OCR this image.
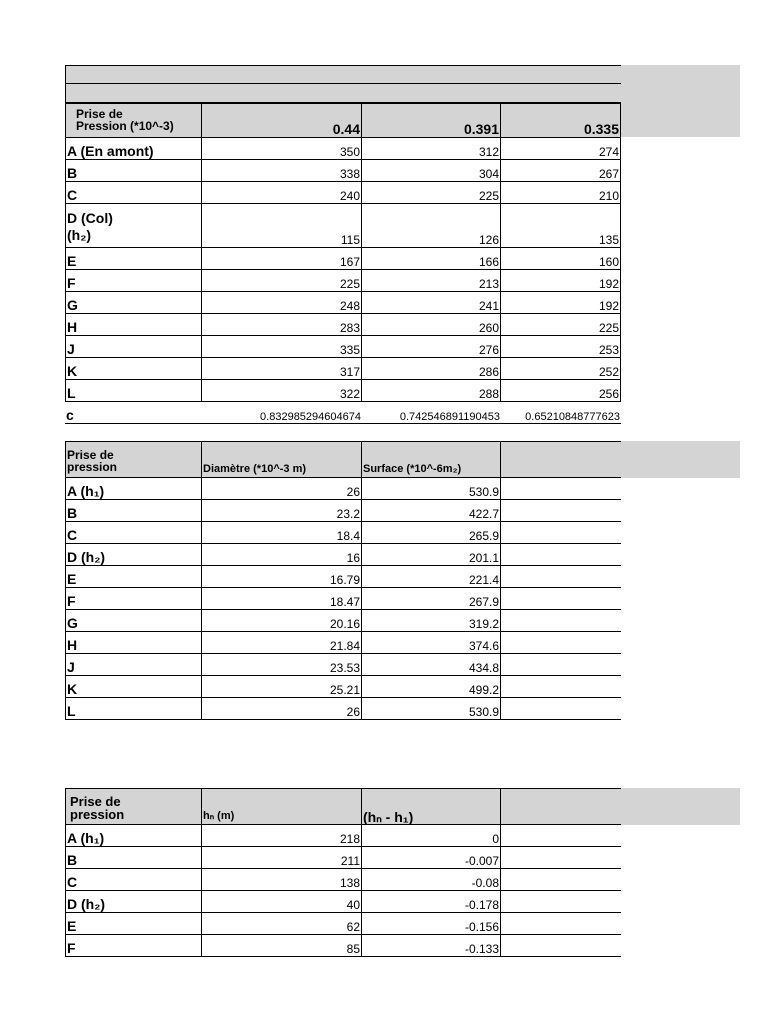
Prise de
Pression (*10^-3)	0.44	0.391	0.335
A (En amont)	350	312	274
B	338	304	267
C	240	225	210
D (Col)
(h₂)	115	126	135
E	167	166	160
F	225	213	192
G	248	241	192
H	283	260	225
J	335	276	253
K	317	286	252
L	322	288	256
c	0.832985294604674	0.742546891190453	0.65210848777623
Prise de
pression	Diamètre (*10^-3 m)	Surface (*10^-6m₂)
A (h₁)	26	530.9
B	23.2	422.7
C	18.4	265.9
D (h₂)	16	201.1
E	16.79	221.4
F	18.47	267.9
G	20.16	319.2
H	21.84	374.6
J	23.53	434.8
K	25.21	499.2
L	26	530.9
Prise de
pression	hₙ (m)	(hₙ - h₁)
A (h₁)	218	0
B	211	-0.007
C	138	-0.08
D (h₂)	40	-0.178
E	62	-0.156
F	85	-0.133
